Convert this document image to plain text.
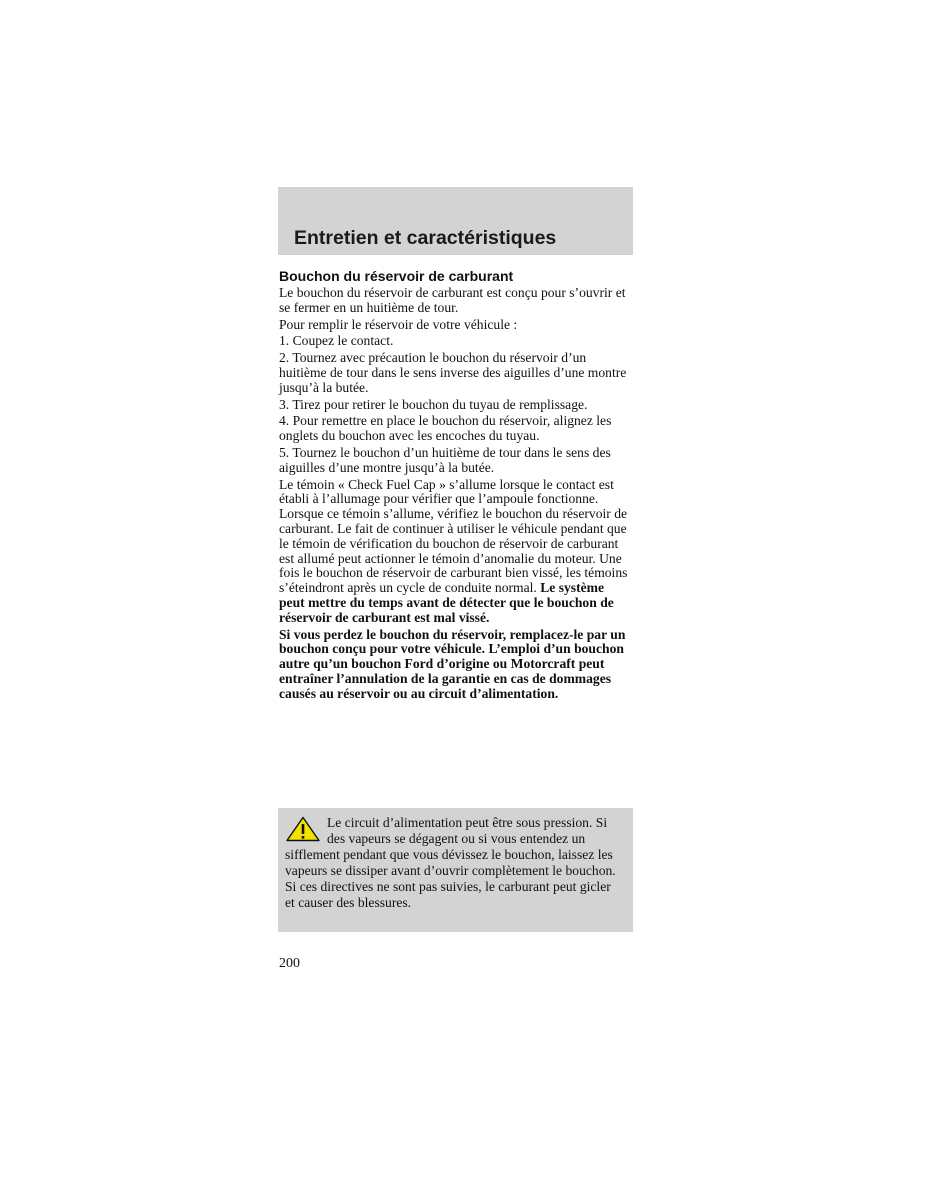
Entretien et caractéristiques
Bouchon du réservoir de carburant

Le bouchon du réservoir de carburant est conçu pour s’ouvrir et se fermer en un huitième de tour.

Pour remplir le réservoir de votre véhicule :

1. Coupez le contact.

2. Tournez avec précaution le bouchon du réservoir d’un huitième de tour dans le sens inverse des aiguilles d’une montre jusqu’à la butée.

3. Tirez pour retirer le bouchon du tuyau de remplissage.

4. Pour remettre en place le bouchon du réservoir, alignez les onglets du bouchon avec les encoches du tuyau.

5. Tournez le bouchon d’un huitième de tour dans le sens des aiguilles d’une montre jusqu’à la butée.

Le témoin « Check Fuel Cap » s’allume lorsque le contact est établi à l’allumage pour vérifier que l’ampoule fonctionne. Lorsque ce témoin s’allume, vérifiez le bouchon du réservoir de carburant. Le fait de continuer à utiliser le véhicule pendant que le témoin de vérification du bouchon de réservoir de carburant est allumé peut actionner le témoin d’anomalie du moteur. Une fois le bouchon de réservoir de carburant bien vissé, les témoins s’éteindront après un cycle de conduite normal. Le système peut mettre du temps avant de détecter que le bouchon de réservoir de carburant est mal vissé.

Si vous perdez le bouchon du réservoir, remplacez-le par un bouchon conçu pour votre véhicule. L’emploi d’un bouchon autre qu’un bouchon Ford d’origine ou Motorcraft peut entraîner l’annulation de la garantie en cas de dommages causés au réservoir ou au circuit d’alimentation.

Le circuit d’alimentation peut être sous pression. Si des vapeurs se dégagent ou si vous entendez un sifflement pendant que vous dévissez le bouchon, laissez les vapeurs se dissiper avant d’ouvrir complètement le bouchon. Si ces directives ne sont pas suivies, le carburant peut gicler et causer des blessures.

200
